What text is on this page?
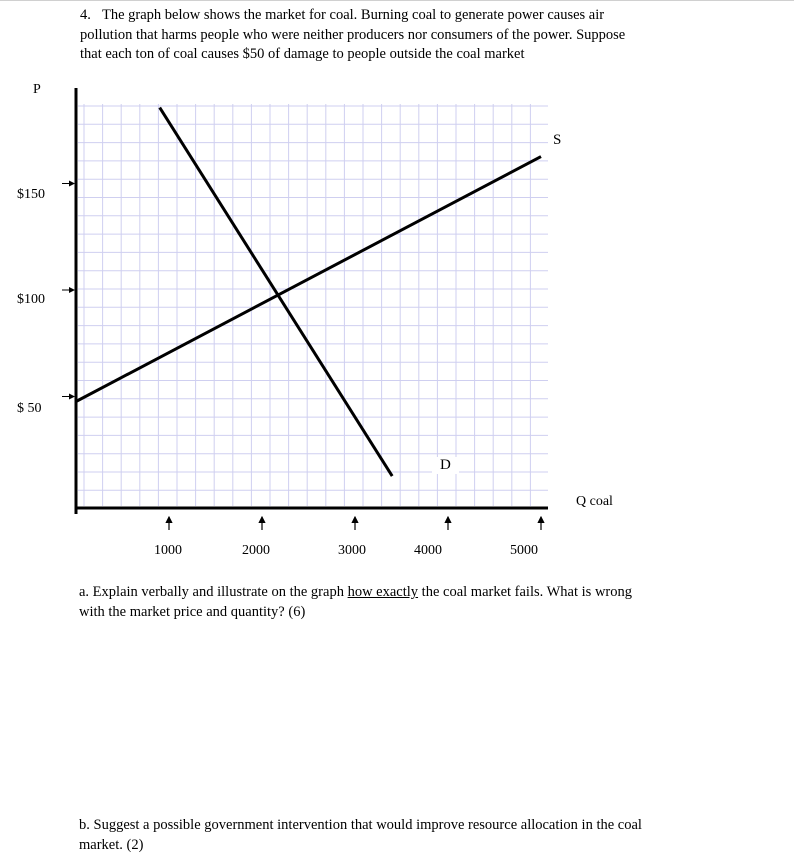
4. The graph below shows the market for coal. Burning coal to generate power causes air
pollution that harms people who were neither producers nor consumers of the power. Suppose
that each ton of coal causes $50 of damage to people outside the coal market
P
$150
$100
$ 50
1000	2000	3000	4000	5000
S
D
Q coal
a. Explain verbally and illustrate on the graph how exactly the coal market fails. What is wrong
with the market price and quantity? (6)
b. Suggest a possible government intervention that would improve resource allocation in the coal
market. (2)
